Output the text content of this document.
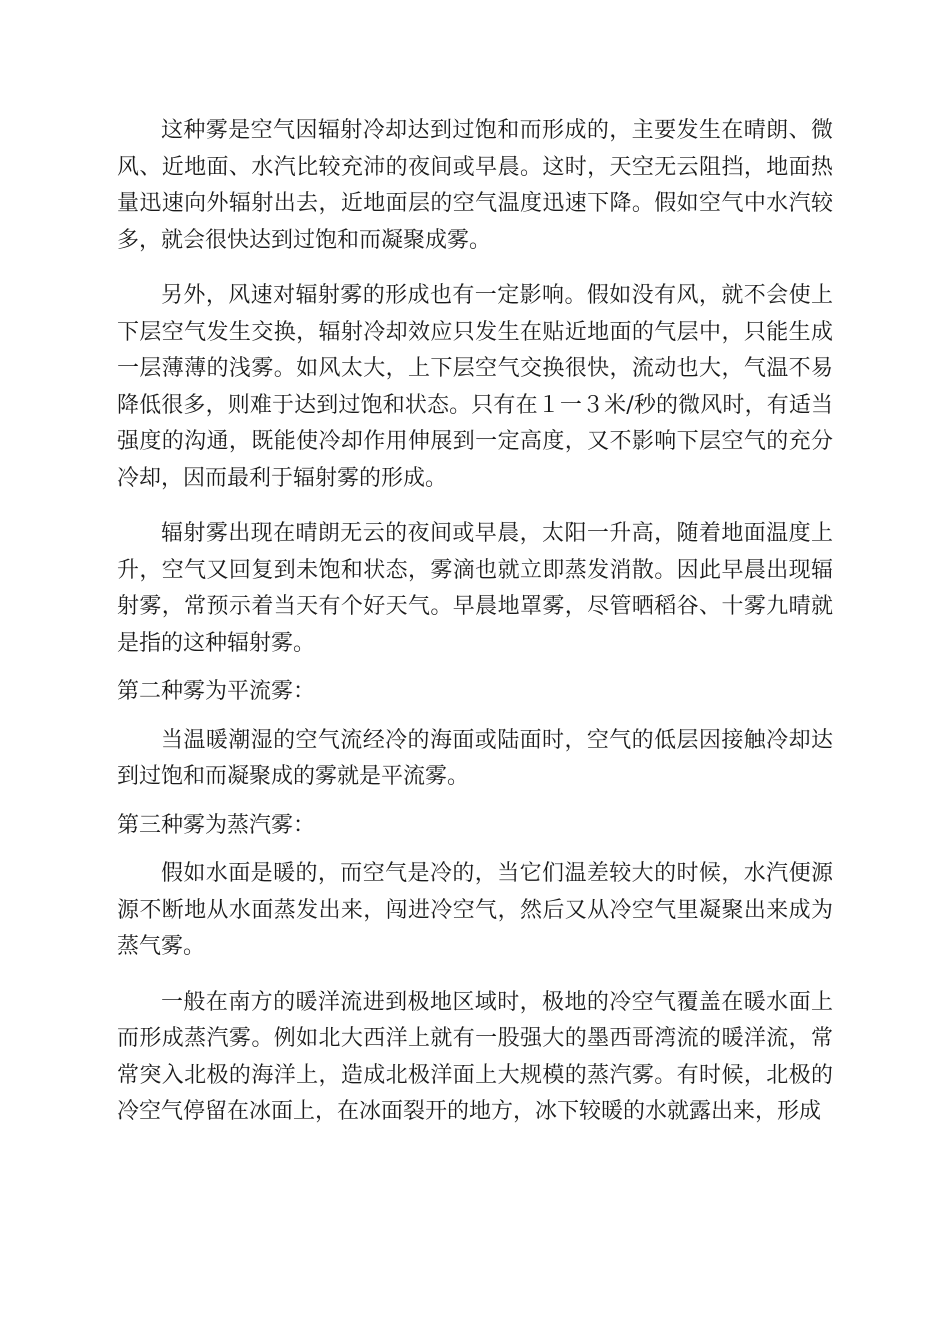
这种雾是空气因辐射冷却达到过饱和而形成的，主要发生在晴朗、微风、近地面、水汽比较充沛的夜间或早晨。这时，天空无云阻挡，地面热量迅速向外辐射出去，近地面层的空气温度迅速下降。假如空气中水汽较多，就会很快达到过饱和而凝聚成雾。

另外，风速对辐射雾的形成也有一定影响。假如没有风，就不会使上下层空气发生交换，辐射冷却效应只发生在贴近地面的气层中，只能生成一层薄薄的浅雾。如风太大，上下层空气交换很快，流动也大，气温不易降低很多，则难于达到过饱和状态。只有在１一３米/秒的微风时，有适当强度的沟通，既能使冷却作用伸展到一定高度，又不影响下层空气的充分冷却，因而最利于辐射雾的形成。

辐射雾出现在晴朗无云的夜间或早晨，太阳一升高，随着地面温度上升，空气又回复到未饱和状态，雾滴也就立即蒸发消散。因此早晨出现辐射雾，常预示着当天有个好天气。早晨地罩雾，尽管晒稻谷、十雾九晴就是指的这种辐射雾。

第二种雾为平流雾：

当温暖潮湿的空气流经冷的海面或陆面时，空气的低层因接触冷却达到过饱和而凝聚成的雾就是平流雾。

第三种雾为蒸汽雾：

假如水面是暖的，而空气是冷的，当它们温差较大的时候，水汽便源源不断地从水面蒸发出来，闯进冷空气，然后又从冷空气里凝聚出来成为蒸气雾。

一般在南方的暖洋流进到极地区域时，极地的冷空气覆盖在暖水面上而形成蒸汽雾。例如北大西洋上就有一股强大的墨西哥湾流的暖洋流，常常突入北极的海洋上，造成北极洋面上大规模的蒸汽雾。有时候，北极的冷空气停留在冰面上，在冰面裂开的地方，冰下较暖的水就露出来，形成
